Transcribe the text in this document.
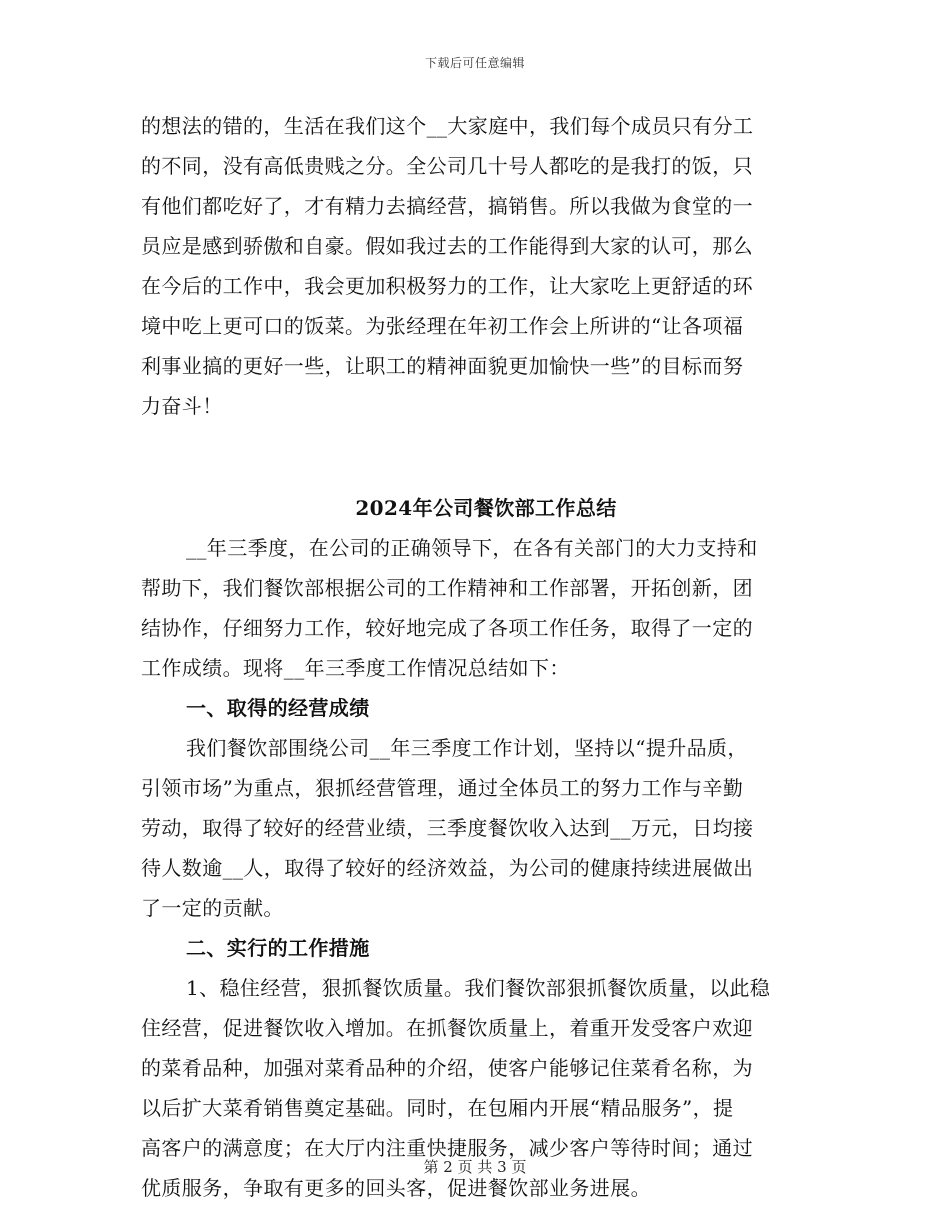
下载后可任意编辑
的想法的错的，生活在我们这个__大家庭中，我们每个成员只有分工
的不同，没有高低贵贱之分。全公司几十号人都吃的是我打的饭，只
有他们都吃好了，才有精力去搞经营，搞销售。所以我做为食堂的一
员应是感到骄傲和自豪。假如我过去的工作能得到大家的认可，那么
在今后的工作中，我会更加积极努力的工作，让大家吃上更舒适的环
境中吃上更可口的饭菜。为张经理在年初工作会上所讲的“让各项福
利事业搞的更好一些，让职工的精神面貌更加愉快一些”的目标而努
力奋斗！
2024年公司餐饮部工作总结
__年三季度，在公司的正确领导下，在各有关部门的大力支持和
帮助下，我们餐饮部根据公司的工作精神和工作部署，开拓创新，团
结协作，仔细努力工作，较好地完成了各项工作任务，取得了一定的
工作成绩。现将__年三季度工作情况总结如下：
一、取得的经营成绩
我们餐饮部围绕公司__年三季度工作计划，坚持以“提升品质，
引领市场”为重点，狠抓经营管理，通过全体员工的努力工作与辛勤
劳动，取得了较好的经营业绩，三季度餐饮收入达到__万元，日均接
待人数逾__人，取得了较好的经济效益，为公司的健康持续进展做出
了一定的贡献。
二、实行的工作措施
1、稳住经营，狠抓餐饮质量。我们餐饮部狠抓餐饮质量，以此稳
住经营，促进餐饮收入增加。在抓餐饮质量上，着重开发受客户欢迎
的菜肴品种，加强对菜肴品种的介绍，使客户能够记住菜肴名称，为
以后扩大菜肴销售奠定基础。同时，在包厢内开展“精品服务”，提
高客户的满意度；在大厅内注重快捷服务，减少客户等待时间；通过
优质服务，争取有更多的回头客，促进餐饮部业务进展。
第 2 页 共 3 页
